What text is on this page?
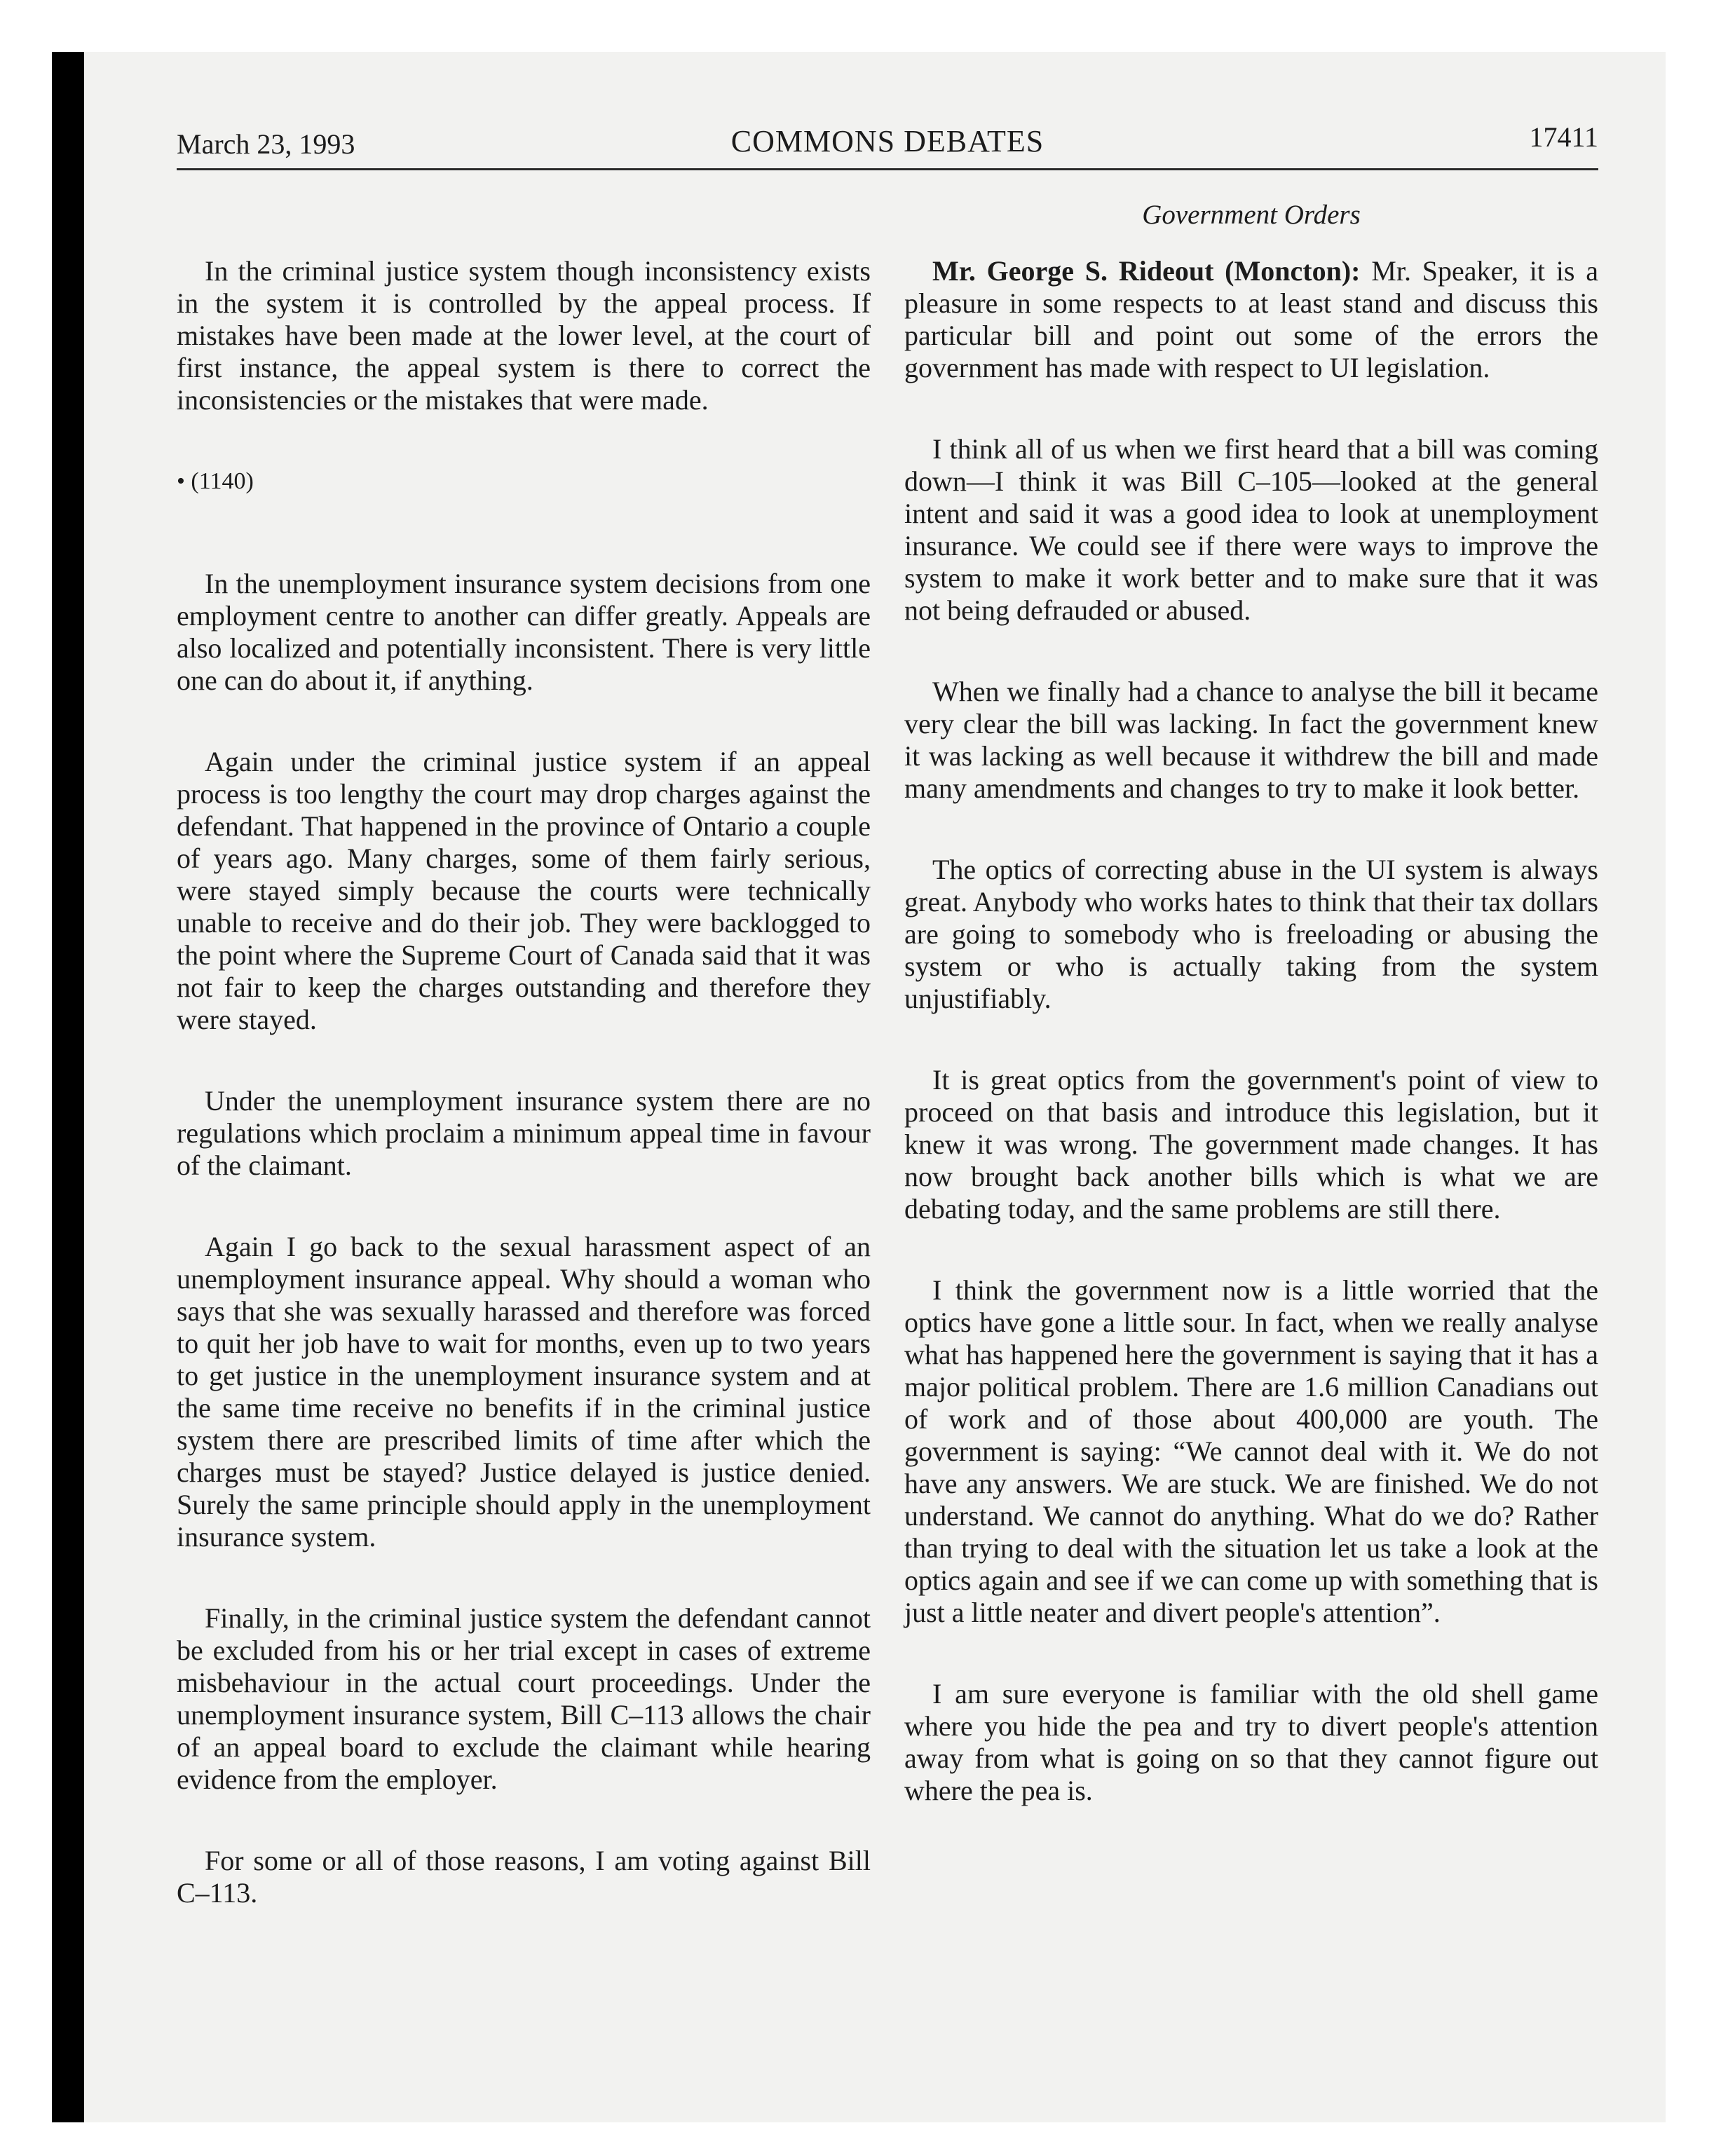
March 23, 1993	COMMONS DEBATES	17411
Government Orders

In the criminal justice system though inconsistency exists in the system it is controlled by the appeal process. If mistakes have been made at the lower level, at the court of first instance, the appeal system is there to correct the inconsistencies or the mistakes that were made.

• (1140)

In the unemployment insurance system decisions from one employment centre to another can differ greatly. Appeals are also localized and potentially inconsistent. There is very little one can do about it, if anything.

Again under the criminal justice system if an appeal process is too lengthy the court may drop charges against the defendant. That happened in the province of Ontario a couple of years ago. Many charges, some of them fairly serious, were stayed simply because the courts were technically unable to receive and do their job. They were backlogged to the point where the Supreme Court of Canada said that it was not fair to keep the charges outstanding and therefore they were stayed.

Under the unemployment insurance system there are no regulations which proclaim a minimum appeal time in favour of the claimant.

Again I go back to the sexual harassment aspect of an unemployment insurance appeal. Why should a woman who says that she was sexually harassed and therefore was forced to quit her job have to wait for months, even up to two years to get justice in the unemployment insurance system and at the same time receive no benefits if in the criminal justice system there are prescribed limits of time after which the charges must be stayed? Justice delayed is justice denied. Surely the same principle should apply in the unemployment insurance system.

Finally, in the criminal justice system the defendant cannot be excluded from his or her trial except in cases of extreme misbehaviour in the actual court proceedings. Under the unemployment insurance system, Bill C–113 allows the chair of an appeal board to exclude the claimant while hearing evidence from the employer.

For some or all of those reasons, I am voting against Bill C–113.

Mr. George S. Rideout (Moncton): Mr. Speaker, it is a pleasure in some respects to at least stand and discuss this particular bill and point out some of the errors the government has made with respect to UI legislation.

I think all of us when we first heard that a bill was coming down—I think it was Bill C–105—looked at the general intent and said it was a good idea to look at unemployment insurance. We could see if there were ways to improve the system to make it work better and to make sure that it was not being defrauded or abused.

When we finally had a chance to analyse the bill it became very clear the bill was lacking. In fact the government knew it was lacking as well because it withdrew the bill and made many amendments and changes to try to make it look better.

The optics of correcting abuse in the UI system is always great. Anybody who works hates to think that their tax dollars are going to somebody who is freeloading or abusing the system or who is actually taking from the system unjustifiably.

It is great optics from the government's point of view to proceed on that basis and introduce this legislation, but it knew it was wrong. The government made changes. It has now brought back another bills which is what we are debating today, and the same problems are still there.

I think the government now is a little worried that the optics have gone a little sour. In fact, when we really analyse what has happened here the government is saying that it has a major political problem. There are 1.6 million Canadians out of work and of those about 400,000 are youth. The government is saying: “We cannot deal with it. We do not have any answers. We are stuck. We are finished. We do not understand. We cannot do anything. What do we do? Rather than trying to deal with the situation let us take a look at the optics again and see if we can come up with something that is just a little neater and divert people's attention”.

I am sure everyone is familiar with the old shell game where you hide the pea and try to divert people's attention away from what is going on so that they cannot figure out where the pea is.
